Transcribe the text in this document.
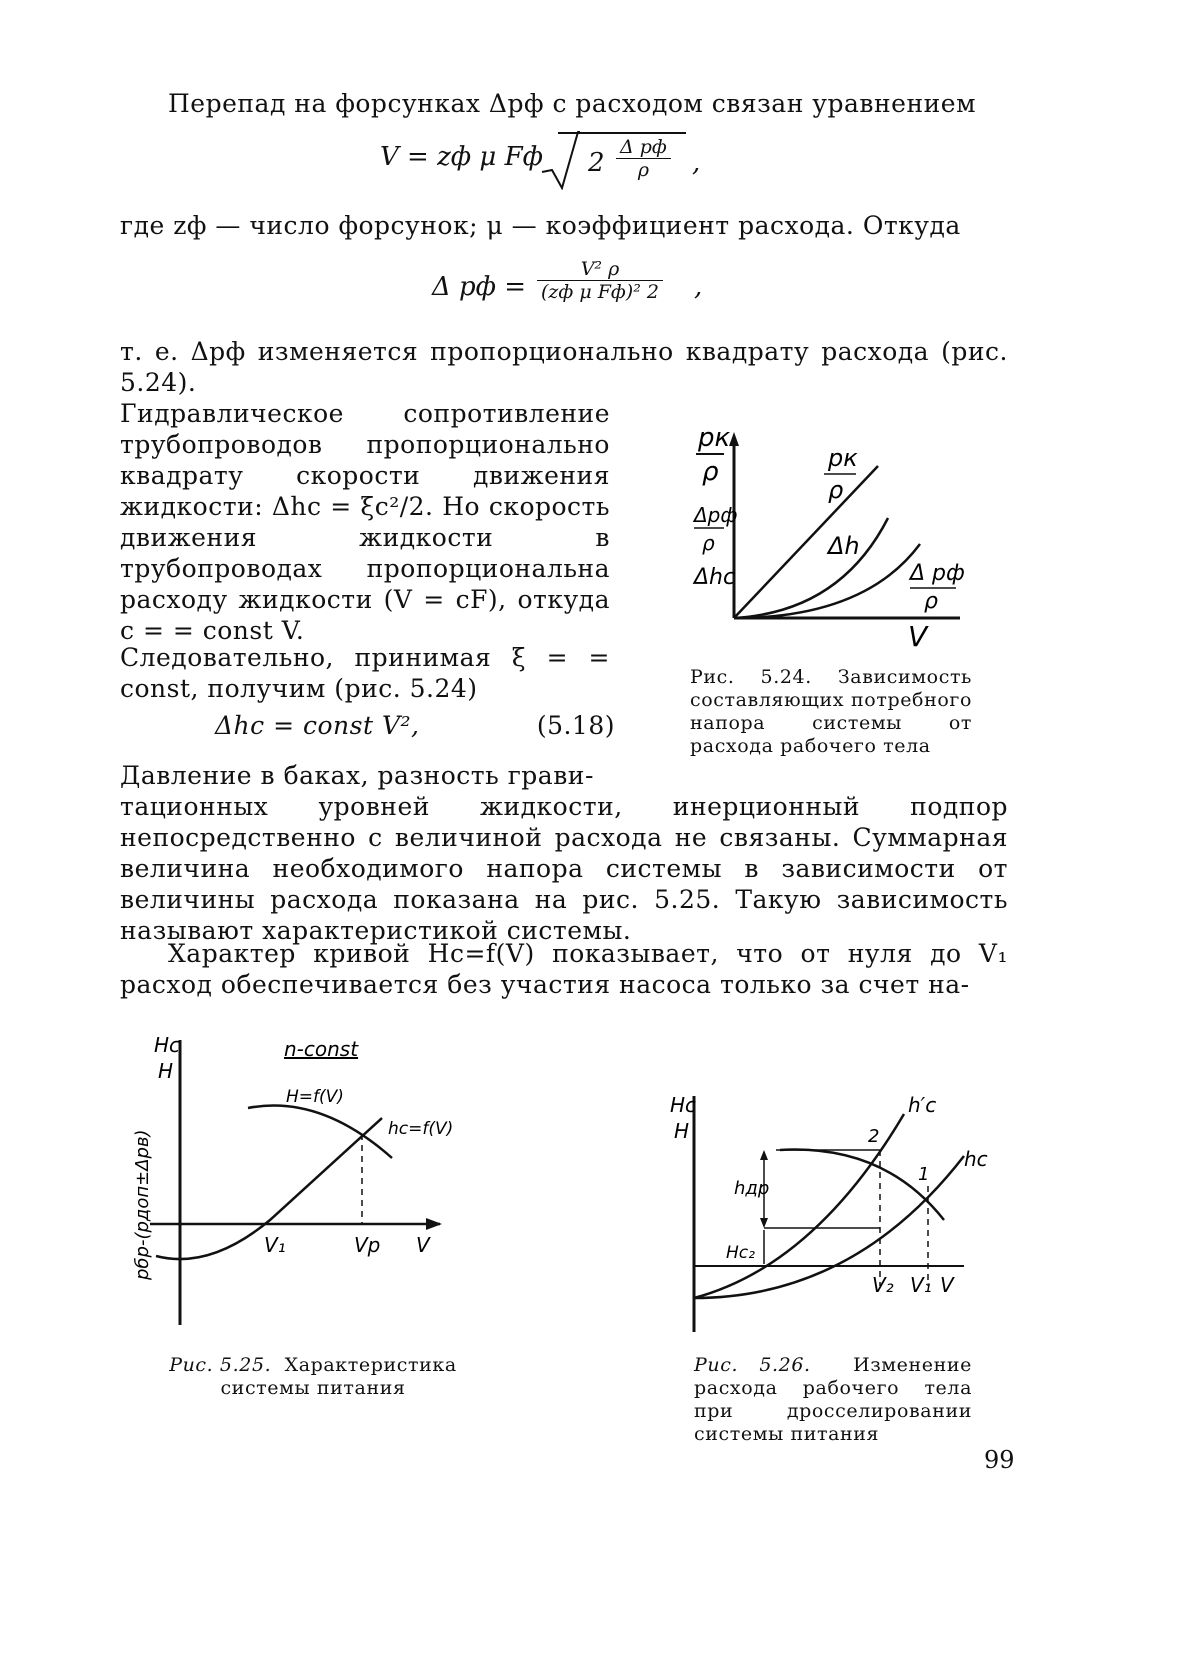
Перепад на форсунках Δpф с расходом связан уравнением
V = zф μ Fф 2
Δ pф
ρ	,
где zф — число форсунок; μ — коэффициент расхода. Откуда
Δ pф =
V² ρ
(zф μ Fф)² 2 ,
т. е. Δpф изменяется пропорционально квадрату расхода (рис. 5.24).
Гидравлическое сопротивление трубопроводов пропорционально квадрату скорости движения жидкости: Δhc = ξc²/2. Но скорость движения жидкости в трубопроводах пропорциональна расходу жидкости (V = cF), откуда c = = const V.
Следовательно, принимая ξ = = const, получим (рис. 5.24)
Δhc = const V²,	(5.18)
Давление в баках, разность грави-
тационных уровней жидкости, инерционный подпор непосредственно с величиной расхода не связаны. Суммарная величина необходимого напора системы в зависимости от величины расхода показана на рис. 5.25. Такую зависимость называют характеристикой системы.
Характер кривой Hc=f(V) показывает, что от нуля до V₁ расход обеспечивается без участия насоса только за счет на-
pк
ρ
Δpф
ρ
Δhc
pк
ρ
Δh
Δ pф
ρ
V
Рис. 5.24. Зависимость составляющих потребного напора системы от расхода рабочего тела
Hc
H
pбр-(pдоп±Δpв)
n-const
H=f(V)
hc=f(V)
V₁	Vр V
Рис. 5.25. Характеристика системы питания
Hc
H
h′c
hc
2
1
hдр
Hc₂
V₂ V₁ V
Рис. 5.26. Изменение расхода рабочего тела при дросселировании системы питания
99
